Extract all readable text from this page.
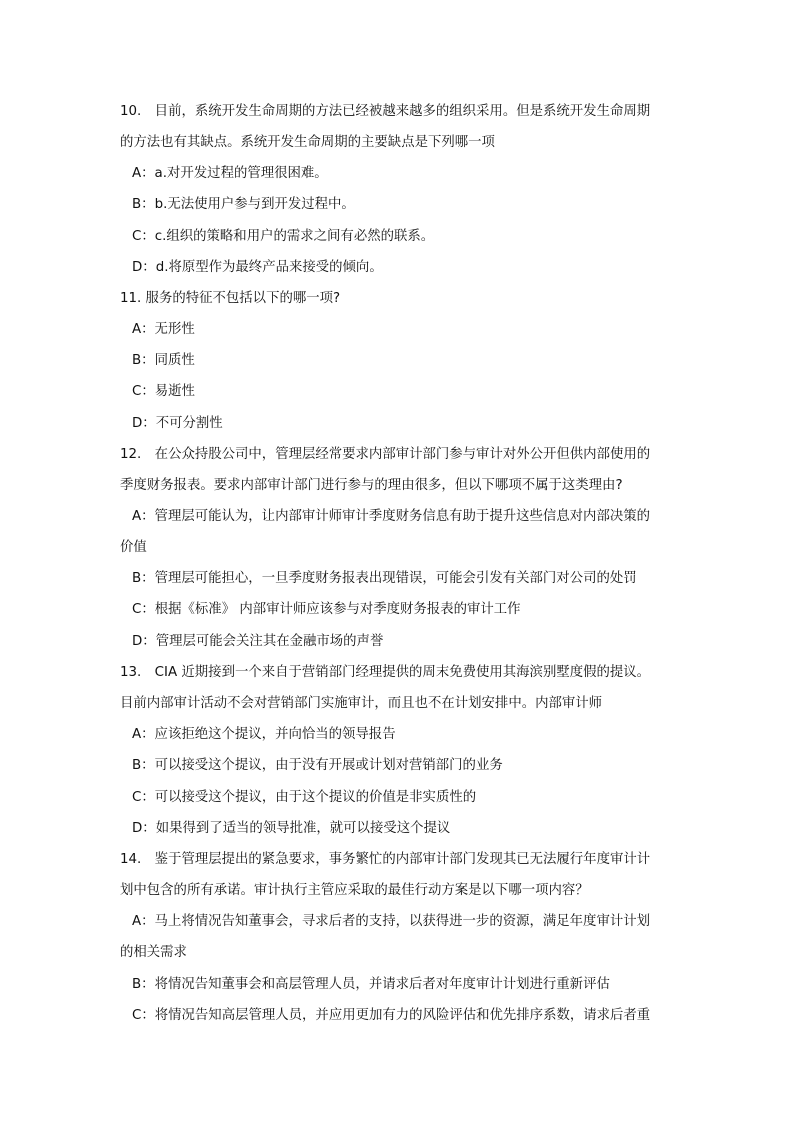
10.　目前，系统开发生命周期的方法已经被越来越多的组织采用。但是系统开发生命周期
的方法也有其缺点。系统开发生命周期的主要缺点是下列哪一项
A：a.对开发过程的管理很困难。
B：b.无法使用户参与到开发过程中。
C：c.组织的策略和用户的需求之间有必然的联系。
D：d.将原型作为最终产品来接受的倾向。
11. 服务的特征不包括以下的哪一项?
A：无形性
B：同质性
C：易逝性
D：不可分割性
12.　在公众持股公司中，管理层经常要求内部审计部门参与审计对外公开但供内部使用的
季度财务报表。要求内部审计部门进行参与的理由很多，但以下哪项不属于这类理由?
A：管理层可能认为，让内部审计师审计季度财务信息有助于提升这些信息对内部决策的
价值
B：管理层可能担心，一旦季度财务报表出现错误，可能会引发有关部门对公司的处罚
C：根据《标准》 内部审计师应该参与对季度财务报表的审计工作
D：管理层可能会关注其在金融市场的声誉
13.　CIA 近期接到一个来自于营销部门经理提供的周末免费使用其海滨别墅度假的提议。
目前内部审计活动不会对营销部门实施审计，而且也不在计划安排中。内部审计师
A：应该拒绝这个提议，并向恰当的领导报告
B：可以接受这个提议，由于没有开展或计划对营销部门的业务
C：可以接受这个提议，由于这个提议的价值是非实质性的
D：如果得到了适当的领导批准，就可以接受这个提议
14.　鉴于管理层提出的紧急要求，事务繁忙的内部审计部门发现其已无法履行年度审计计
划中包含的所有承诺。审计执行主管应采取的最佳行动方案是以下哪一项内容？
A：马上将情况告知董事会，寻求后者的支持，以获得进一步的资源，满足年度审计计划
的相关需求
B：将情况告知董事会和高层管理人员，并请求后者对年度审计计划进行重新评估
C：将情况告知高层管理人员，并应用更加有力的风险评估和优先排序系数，请求后者重
